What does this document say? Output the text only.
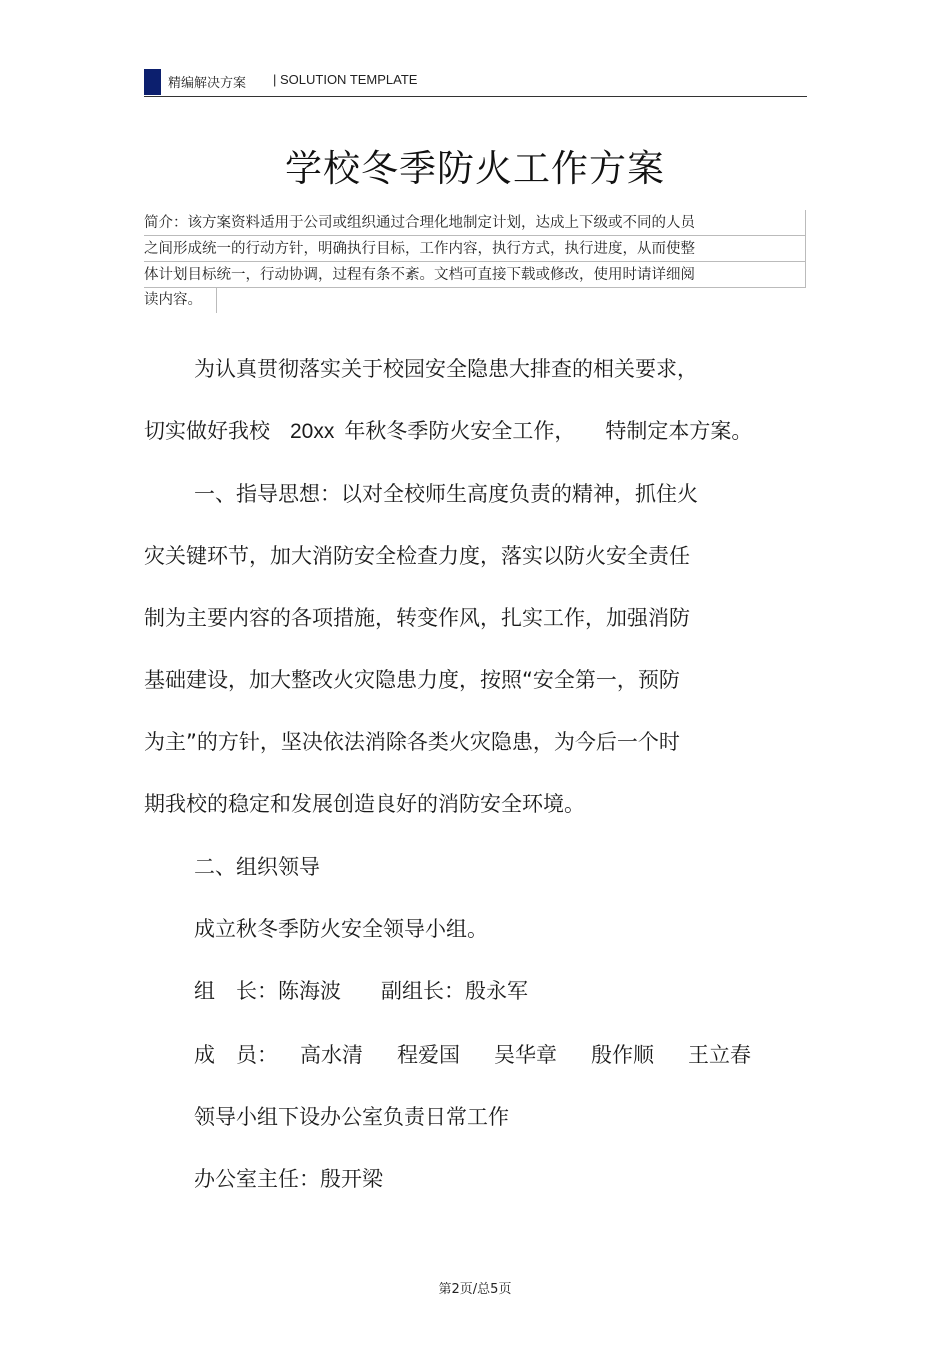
精编解决方案 | SOLUTION TEMPLATE
学校冬季防火工作方案
简介：该方案资料适用于公司或组织通过合理化地制定计划，达成上下级或不同的人员
之间形成统一的行动方针，明确执行目标，工作内容，执行方式，执行进度，从而使整
体计划目标统一，行动协调，过程有条不紊。文档可直接下载或修改，使用时请详细阅
读内容。
为认真贯彻落实关于校园安全隐患大排查的相关要求，
切实做好我校 20xx 年秋冬季防火安全工作， 特制定本方案。
一、指导思想：以对全校师生高度负责的精神，抓住火
灾关键环节，加大消防安全检查力度，落实以防火安全责任
制为主要内容的各项措施，转变作风，扎实工作，加强消防
基础建设，加大整改火灾隐患力度，按照“安全第一，预防
为主”的方针，坚决依法消除各类火灾隐患，为今后一个时
期我校的稳定和发展创造良好的消防安全环境。
二、组织领导
成立秋冬季防火安全领导小组。
组　长：陈海波 副组长：殷永军
成　员： 高水清 程爱国 吴华章 殷作顺 王立春
领导小组下设办公室负责日常工作
办公室主任：殷开梁
第2页/总5页
